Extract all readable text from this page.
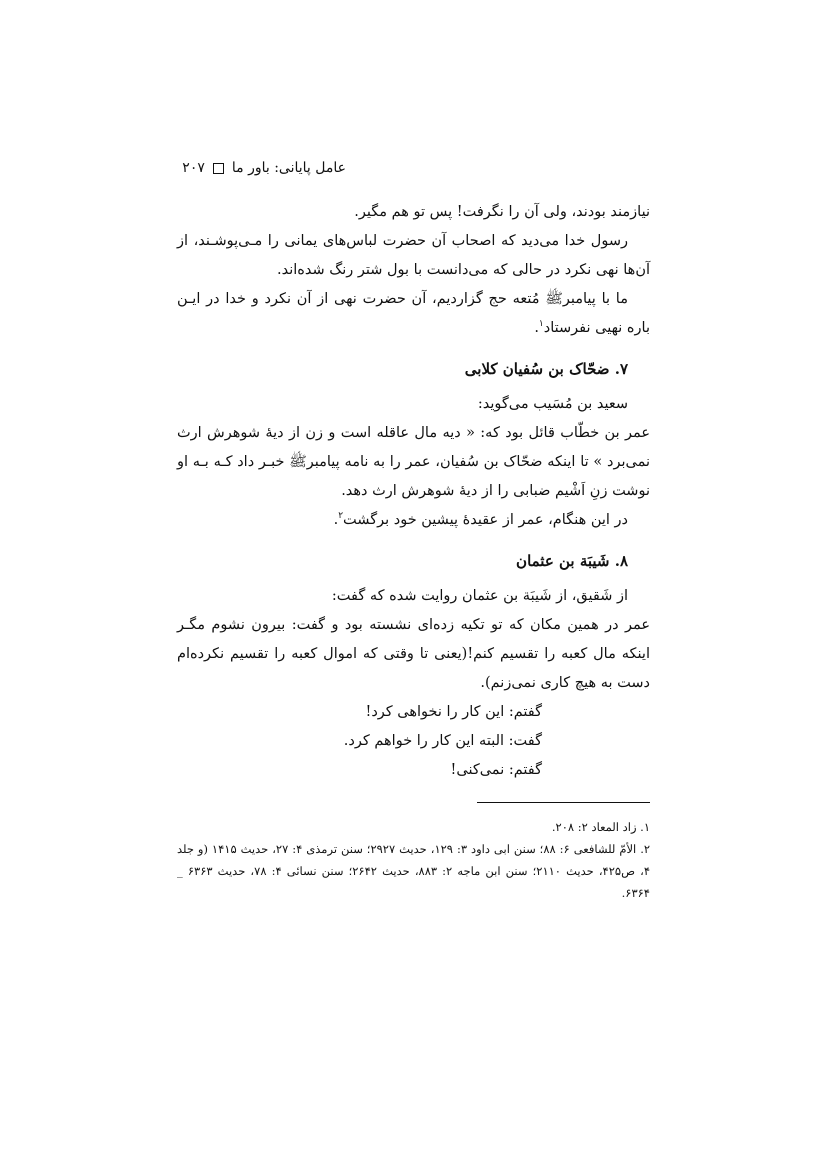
عامل پایانی: باور ما
۲۰۷

نیازمند بودند، ولی آن را نگرفت! پس تو هم مگیر.

رسول خدا می‌دید که اصحاب آن حضرت لباس‌های یمانی را مـی‌پوشـند، از آن‌ها نهی نکرد در حالی که می‌دانست با بول شتر رنگ شده‌اند.

ما با پیامبرﷺ مُتعه حج گزاردیم، آن حضرت نهی از آن نکرد و خدا در ایـن باره نهیی نفرستاد$^۱$.

۷. ضحّاک بن سُفیان کلابی

سعید بن مُسَیب می‌گوید:

عمر بن خطّاب قائل بود که: « دیه مال عاقله است و زن از دیهٔ شوهرش ارث نمی‌برد » تا اینکه ضحّاک بن سُفیان، عمر را به نامه پیامبرﷺ خبـر داد کـه بـه او نوشت زنِ اَشْیم ضبابی را از دیهٔ شوهرش ارث دهد.

در این هنگام، عمر از عقیدهٔ پیشین خود برگشت$^۲$.

۸. شَیبَة بن عثمان

از شَقیق، از شَیبَة بن عثمان روایت شده که گفت:

عمر در همین مکان که تو تکیه زده‌ای نشسته بود و گفت: بیرون نشوم مگـر اینکه مال کعبه را تقسیم کنم!(یعنی تا وقتی که اموال کعبه را تقسیم نکرده‌ام دست به هیچ کاری نمی‌زنم).

گفتم: این کار را نخواهی کرد!

گفت: البته این کار را خواهم کرد.

گفتم: نمی‌کنی!

۱. زاد المعاد ۲: ۲۰۸.

۲. الأمّ للشافعی ۶: ۸۸؛ سنن ابی داود ۳: ۱۲۹، حدیث ۲۹۲۷؛ سنن ترمذی ۴: ۲۷، حدیث ۱۴۱۵ (و جلد ۴، ص۴۲۵، حدیث ۲۱۱۰؛ سنن ابن ماجه ۲: ۸۸۳، حدیث ۲۶۴۲؛ سنن نسائی ۴: ۷۸، حدیث ۶۳۶۳ _ ۶۳۶۴.
